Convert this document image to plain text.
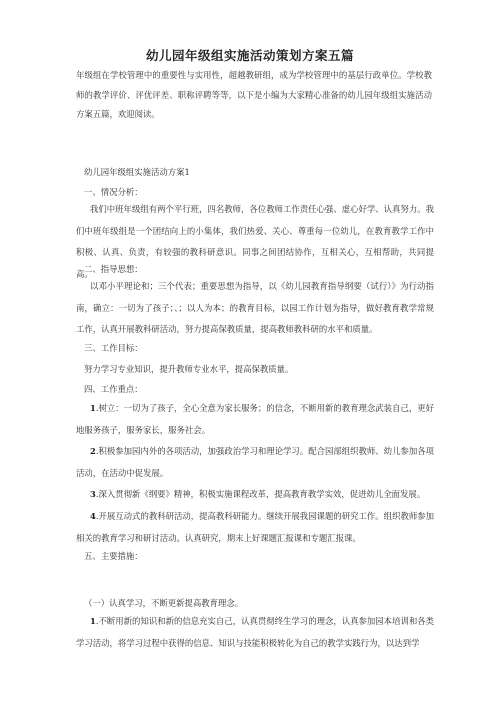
幼儿园年级组实施活动策划方案五篇
年级组在学校管理中的重要性与实用性，超越教研组，成为学校管理中的基层行政单位。学校教师的教学评价、评优评差、职称评聘等等，以下是小编为大家精心准备的幼儿园年级组实施活动方案五篇，欢迎阅读。
幼儿园年级组实施活动方案1
一、情况分析：
我们中班年级组有两个平行班，四名教师，各位教师工作责任心强、虚心好学、认真努力。我们中班年级组是一个团结向上的小集体，我们热爱、关心、尊重每一位幼儿，在教育教学工作中积极、认真、负责，有较强的教科研意识。同事之间团结协作，互相关心，互相帮助，共同提高。
二、指导思想：
以邓小平理论和；三个代表；重要思想为指导，以《幼儿园教育指导纲要（试行）》为行动指南，确立：一切为了孩子；、；以人为本；的教育目标，以园工作计划为指导，做好教育教学常规工作，认真开展教科研活动，努力提高保教质量，提高教师教科研的水平和质量。
三、工作目标：
努力学习专业知识，提升教师专业水平，提高保教质量。
四、工作重点：
1.树立：一切为了孩子，全心全意为家长服务；的信念，不断用新的教育理念武装自己，更好地服务孩子，服务家长，服务社会。
2.积极参加园内外的各项活动，加强政治学习和理论学习。配合园部组织教师、幼儿参加各项活动，在活动中促发展。
3.深入贯彻新《纲要》精神，积极实施课程改革，提高教育教学实效，促进幼儿全面发展。
4.开展互动式的教科研活动，提高教科研能力。继续开展我园课题的研究工作。组织教师参加相关的教育学习和研讨活动。认真研究，期末上好课题汇报课和专题汇报课。
五、主要措施：
（一）认真学习，不断更新提高教育理念。
1.不断用新的知识和新的信息充实自己，认真贯彻终生学习的理念，认真参加园本培训和各类学习活动，将学习过程中获得的信息、知识与技能积极转化为自己的教学实践行为，以达到学
